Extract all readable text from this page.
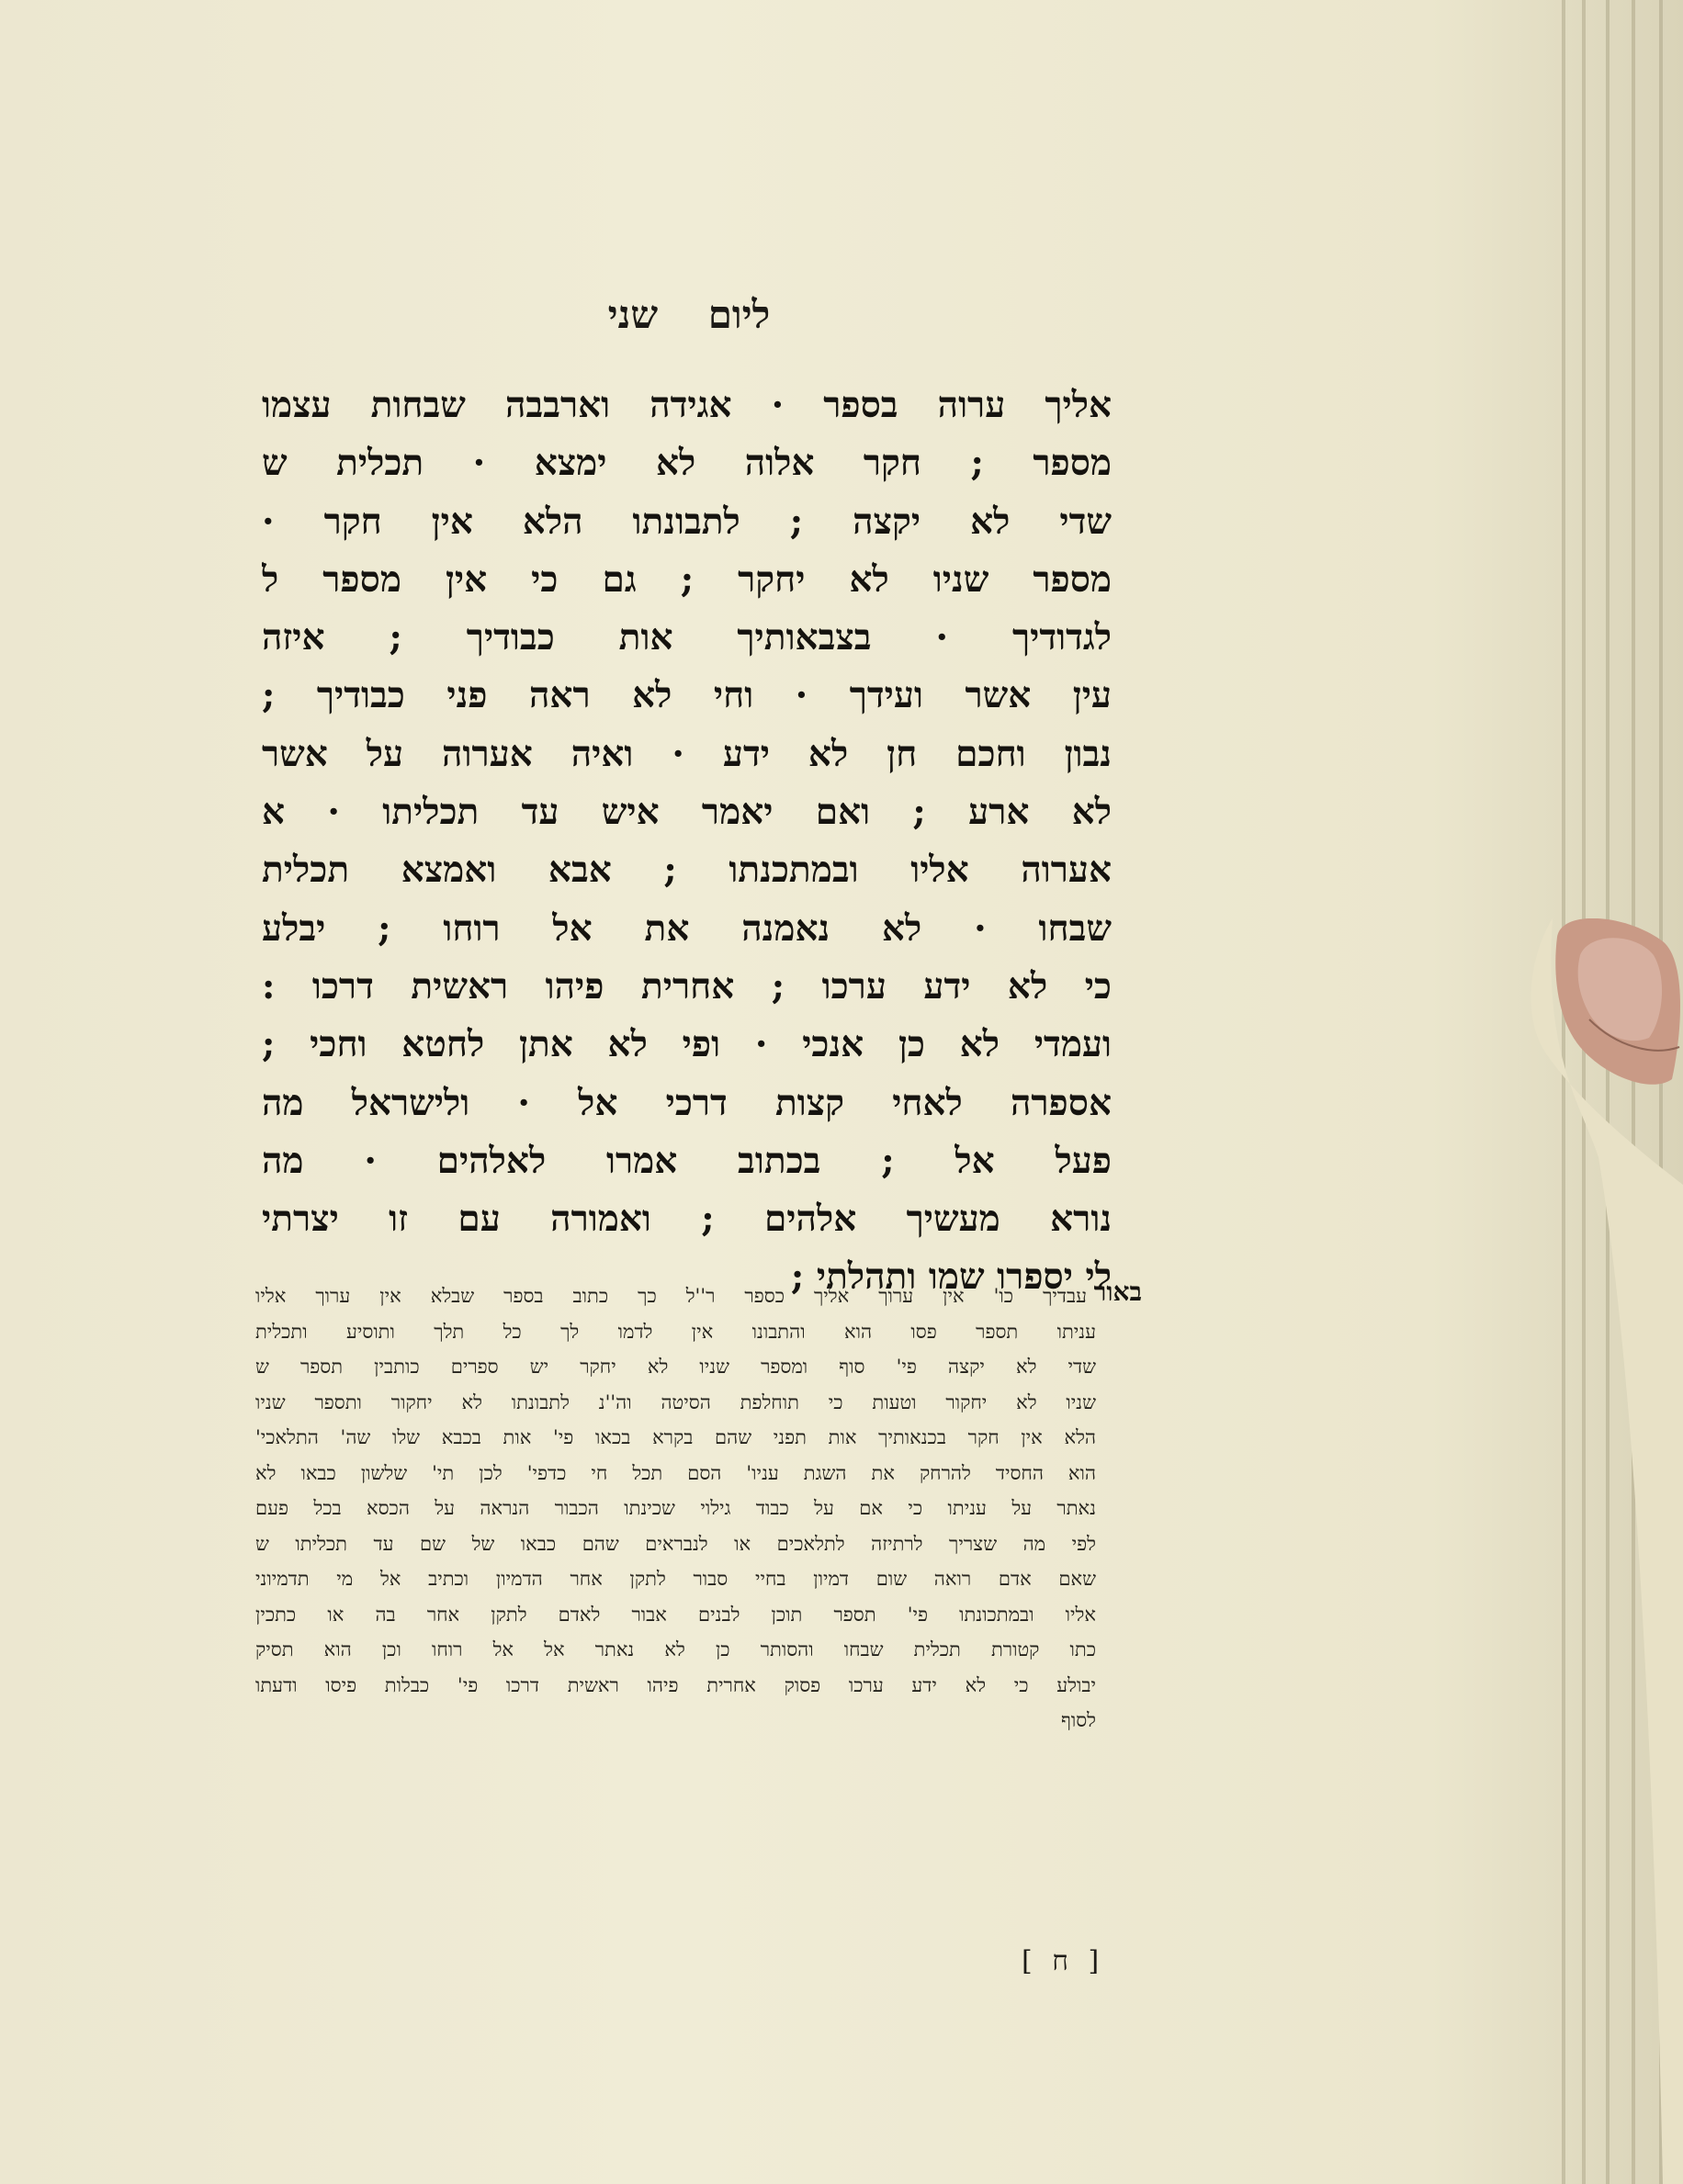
ליום שני
אליך ערוה בספר · אגידה וארבבה שבחות עצמו
מספר ; חקר אלוה לא ימצא · תכלית ש
שדי לא יקצה ; לתבונתו הלא אין חקר ·
מספר שניו לא יחקר ; גם כי אין מספר ל
לגדודיך · בצבאותיך אות כבודיך ; איזה
עין אשר ועידך · וחי לא ראה פני כבודיך ;
נבון וחכם חן לא ידע · ואיה אערוה על אשר
לא ארע ; ואם יאמר איש עד תכליתו · א
אערוה אליו ובמתכנתו ; אבא ואמצא תכלית
שבחו · לא נאמנה את אל רוחו ; יבלע
כי לא ידע ערכו ; אחרית פיהו ראשית דרכו :
ועמדי לא כן אנכי · ופי לא אתן לחטא וחכי ;
אספרה לאחי קצות דרכי אל · ולישראל מה
פעל אל ; בכתוב אמרו לאלהים · מה
נורא מעשיך אלהים ; ואמורה עם זו יצרתי
לי יספרו שמו ותהלתי ;
באור
עבדיך כו' אין ערוך אליך כספר ר''ל כך כתוב בספר שבלא אין ערוך אליו
עניתו תספר פסו הוא והתבונו אין לדמו לך כל תלך ותוסיע ותכלית
שדי לא יקצה פי' סוף ומספר שניו לא יחקר יש ספרים כותבין תספר ש
שניו לא יחקור וטעות כי תוחלפת הסיטה וה''נ לתבונתו לא יחקור ותספר שניו
הלא אין חקר בכנאותיך אות תפני שהם בקרא בכאו פי' אות בכבא שלו שה' התלאכי'
הוא החסיד להרחק את השגת עניו' הסם תכל חי כדפי' לכן תי' שלשון כבאו לא
נאתר על עניתו כי אם על כבוד גילוי שכינתו הכבור הנראה על הכסא בכל פעם
לפי מה שצריך לרתיזה לתלאכים או לנבראים שהם כבאו של שם עד תכליתו ש
שאם אדם רואה שום דמיון בחיי סבור לתקן אחר הדמיון וכתיב אל מי תדמיוני
אליו ובמתכונתו פי' תספר תוכן לבנים אבור לאדם לתקן אחר בה או כתכין
כתו קטורת תכלית שבחו והסותר כן לא נאתר אל אל רוחו וכן הוא תסיק
יבולע כי לא ידע ערכו פסוק אחרית פיהו ראשית דרכו פי' כבלות פיסו ודעתו
לסוף
[ ח ]
